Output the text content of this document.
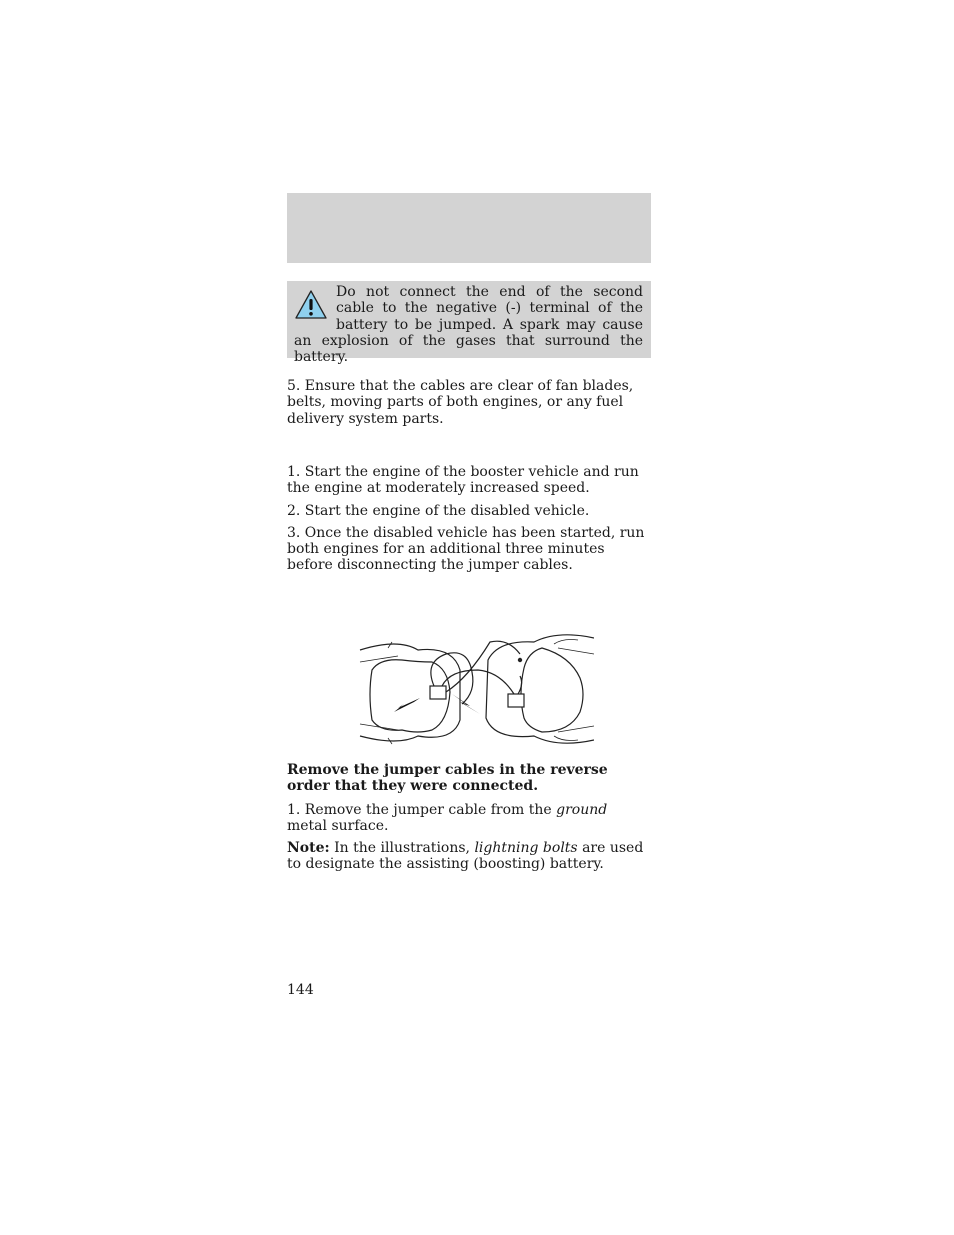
Do not connect the end of the second cable to the negative (-) terminal of the battery to be jumped. A spark may cause an explosion of the gases that surround the battery.

5. Ensure that the cables are clear of fan blades, belts, moving parts of both engines, or any fuel delivery system parts.

1. Start the engine of the booster vehicle and run the engine at moderately increased speed.

2. Start the engine of the disabled vehicle.

3. Once the disabled vehicle has been started, run both engines for an additional three minutes before disconnecting the jumper cables.

Remove the jumper cables in the reverse order that they were connected.

1. Remove the jumper cable from the ground metal surface.

Note: In the illustrations, lightning bolts are used to designate the assisting (boosting) battery.

144
